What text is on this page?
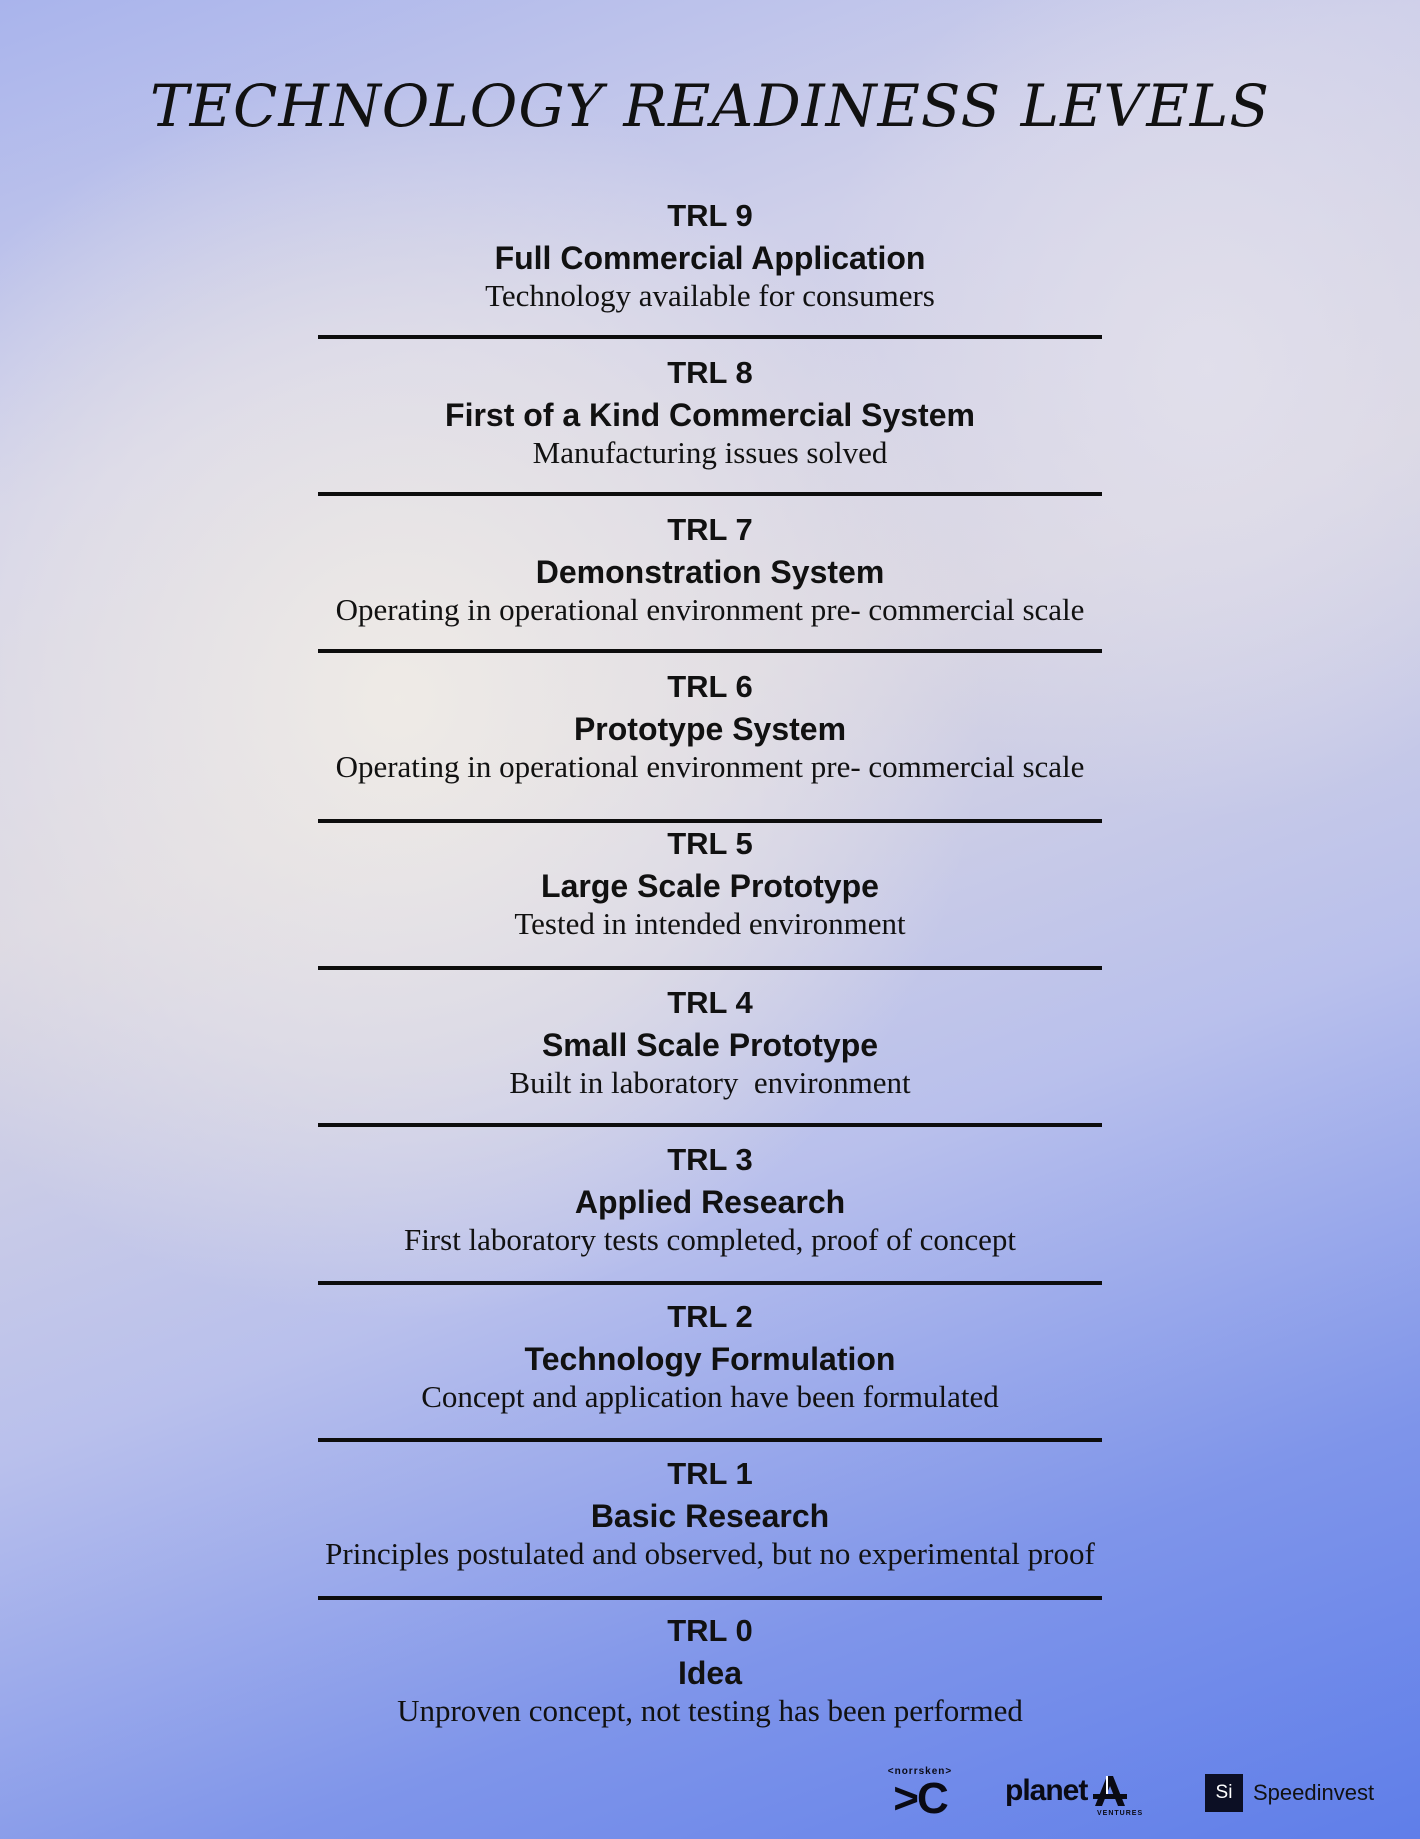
TECHNOLOGY READINESS LEVELS
TRL 9
Full Commercial Application
Technology available for consumers
TRL 8
First of a Kind Commercial System
Manufacturing issues solved
TRL 7
Demonstration System
Operating in operational environment pre- commercial scale
TRL 6
Prototype System
Operating in operational environment pre- commercial scale
TRL 5
Large Scale Prototype
Tested in intended environment
TRL 4
Small Scale Prototype
Built in laboratory  environment
TRL 3
Applied Research
First laboratory tests completed, proof of concept
TRL 2
Technology Formulation
Concept and application have been formulated
TRL 1
Basic Research
Principles postulated and observed, but no experimental proof
TRL 0
Idea
Unproven concept, not testing has been performed
<norrsken>
>C planet
VENTURES
Si Speedinvest
